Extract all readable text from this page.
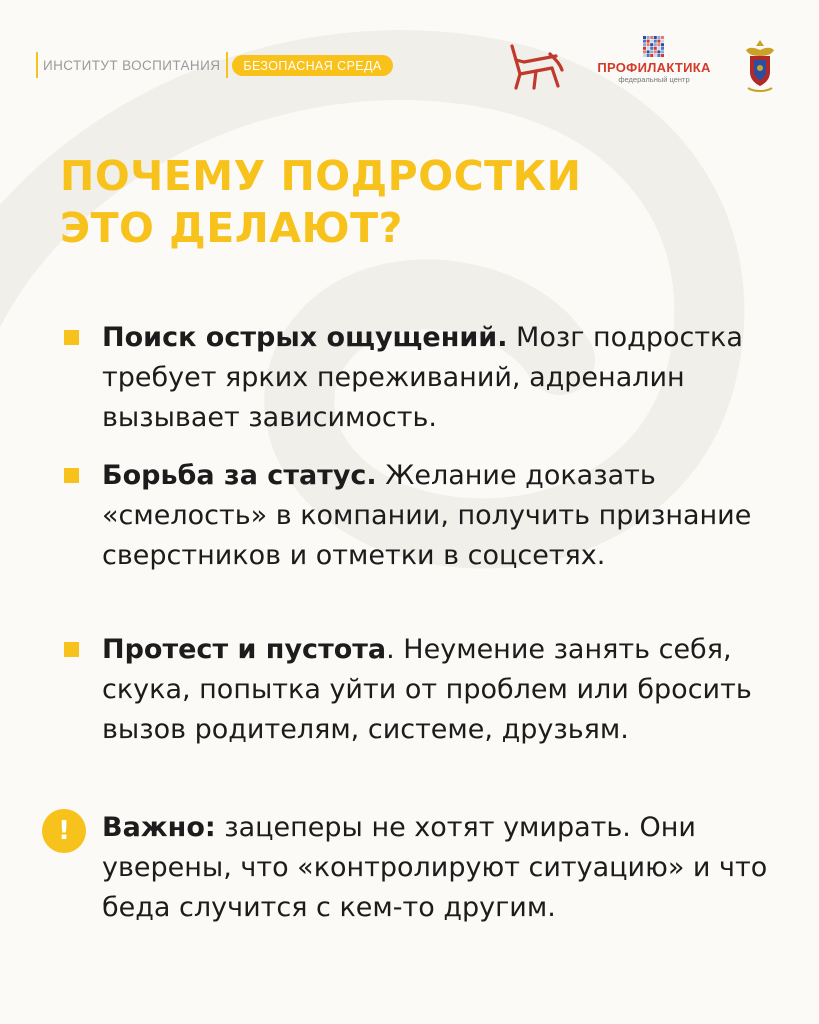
ИНСТИТУТ ВОСПИТАНИЯ	БЕЗОПАСНАЯ СРЕДА	ПРОФИЛАКТИКА
федеральный центр
ПОЧЕМУ ПОДРОСТКИ
ЭТО ДЕЛАЮТ?

Поиск острых ощущений. Мозг подростка требует ярких переживаний, адреналин вызывает зависимость.

Борьба за статус. Желание доказать «смелость» в компании, получить признание сверстников и отметки в соцсетях.

Протест и пустота. Неумение занять себя, скука, попытка уйти от проблем или бросить вызов родителям, системе, друзьям.

!	Важно: зацеперы не хотят умирать. Они уверены, что «контролируют ситуацию» и что беда случится с кем-то другим.
